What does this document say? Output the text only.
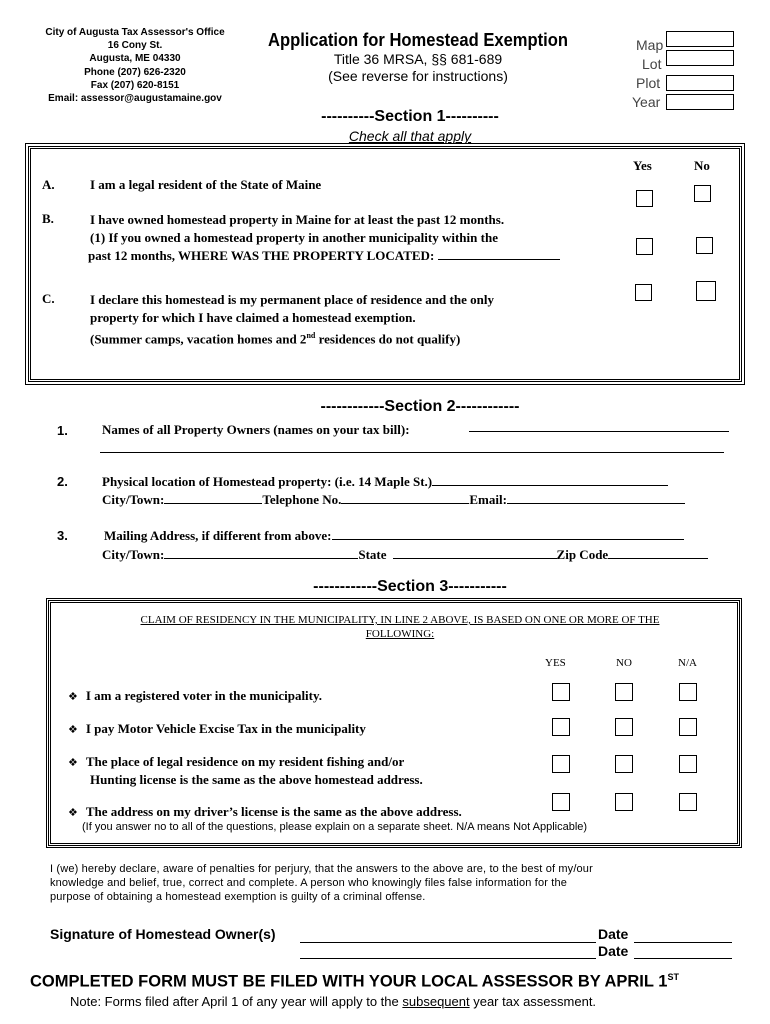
City of Augusta Tax Assessor's Office
16 Cony St.
Augusta, ME 04330
Phone (207) 626-2320
Fax (207) 620-8151
Email: assessor@augustamaine.gov
Application for Homestead Exemption
Title 36 MRSA, §§ 681-689
(See reverse for instructions)
Map
Lot
Plot
Year
----------Section 1----------
Check all that apply
Yes	No
A.	I am a legal resident of the State of Maine
B.	I have owned homestead property in Maine for at least the past 12 months.
(1) If you owned a homestead property in another municipality within the
past 12 months, WHERE WAS THE PROPERTY LOCATED:
C.	I declare this homestead is my permanent place of residence and the only
property for which I have claimed a homestead exemption.
(Summer camps, vacation homes and 2nd residences do not qualify)
------------Section 2------------
1.	Names of all Property Owners (names on your tax bill):
2.	Physical location of Homestead property: (i.e. 14 Maple St.)
City/Town:	Telephone No.	Email:
3.	Mailing Address, if different from above:
City/Town:	State	Zip Code
------------Section 3-----------
CLAIM OF RESIDENCY IN THE MUNICIPALITY, IN LINE 2 ABOVE, IS BASED ON ONE OR MORE OF THE
FOLLOWING:
YES	NO	N/A
❖ I am a registered voter in the municipality.
❖ I pay Motor Vehicle Excise Tax in the municipality
❖ The place of legal residence on my resident fishing and/or
Hunting license is the same as the above homestead address.
❖ The address on my driver’s license is the same as the above address.
(If you answer no to all of the questions, please explain on a separate sheet. N/A means Not Applicable)
I (we) hereby declare, aware of penalties for perjury, that the answers to the above are, to the best of my/our
knowledge and belief, true, correct and complete. A person who knowingly files false information for the
purpose of obtaining a homestead exemption is guilty of a criminal offense.
Signature of Homestead Owner(s)	Date
Date
COMPLETED FORM MUST BE FILED WITH YOUR LOCAL ASSESSOR BY APRIL 1ST
Note: Forms filed after April 1 of any year will apply to the subsequent year tax assessment.
